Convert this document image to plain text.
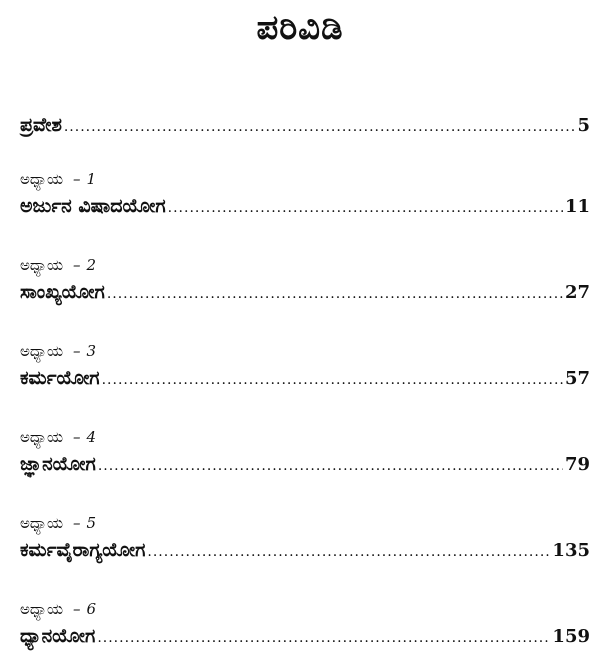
ಪರಿವಿಡಿ
ಪ್ರವೇಶ .....	5
ಅಧ್ಯಾಯ – 1
ಅರ್ಜುನ ವಿಷಾದಯೋಗ .....	11
ಅಧ್ಯಾಯ – 2
ಸಾಂಖ್ಯಯೋಗ .....	27
ಅಧ್ಯಾಯ – 3
ಕರ್ಮಯೋಗ .....	57
ಅಧ್ಯಾಯ – 4
ಜ್ಞಾನಯೋಗ .....	79
ಅಧ್ಯಾಯ – 5
ಕರ್ಮವೈರಾಗ್ಯಯೋಗ .....	135
ಅಧ್ಯಾಯ – 6
ಧ್ಯಾನಯೋಗ .....	159
